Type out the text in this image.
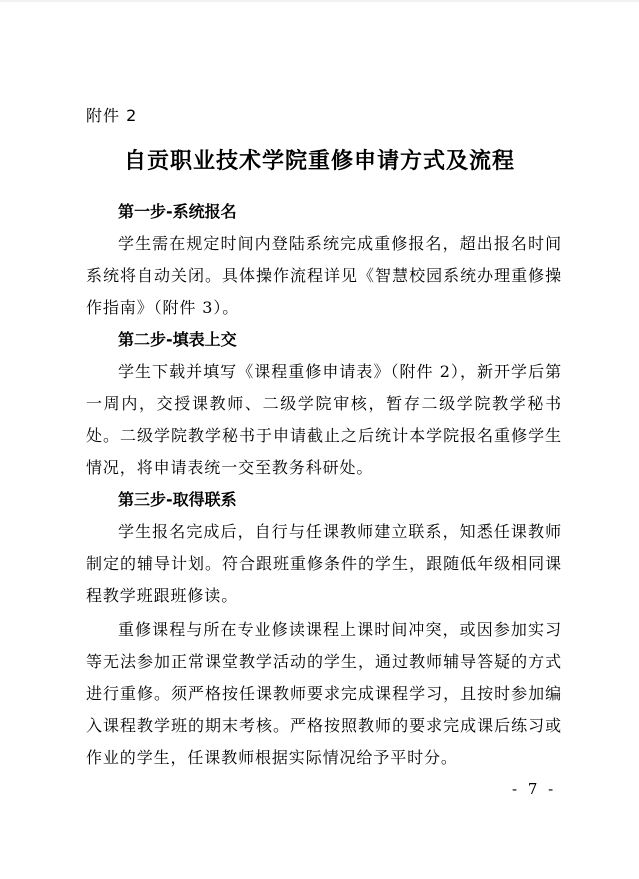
附件 2
自贡职业技术学院重修申请方式及流程

第一步-系统报名

学生需在规定时间内登陆系统完成重修报名，超出报名时间系统将自动关闭。具体操作流程详见《智慧校园系统办理重修操作指南》（附件 3）。

第二步-填表上交

学生下载并填写《课程重修申请表》（附件 2），新开学后第一周内，交授课教师、二级学院审核，暂存二级学院教学秘书处。二级学院教学秘书于申请截止之后统计本学院报名重修学生情况，将申请表统一交至教务科研处。

第三步-取得联系

学生报名完成后，自行与任课教师建立联系，知悉任课教师制定的辅导计划。符合跟班重修条件的学生，跟随低年级相同课程教学班跟班修读。

重修课程与所在专业修读课程上课时间冲突，或因参加实习等无法参加正常课堂教学活动的学生，通过教师辅导答疑的方式进行重修。须严格按任课教师要求完成课程学习，且按时参加编入课程教学班的期末考核。严格按照教师的要求完成课后练习或作业的学生，任课教师根据实际情况给予平时分。

- 7 -
